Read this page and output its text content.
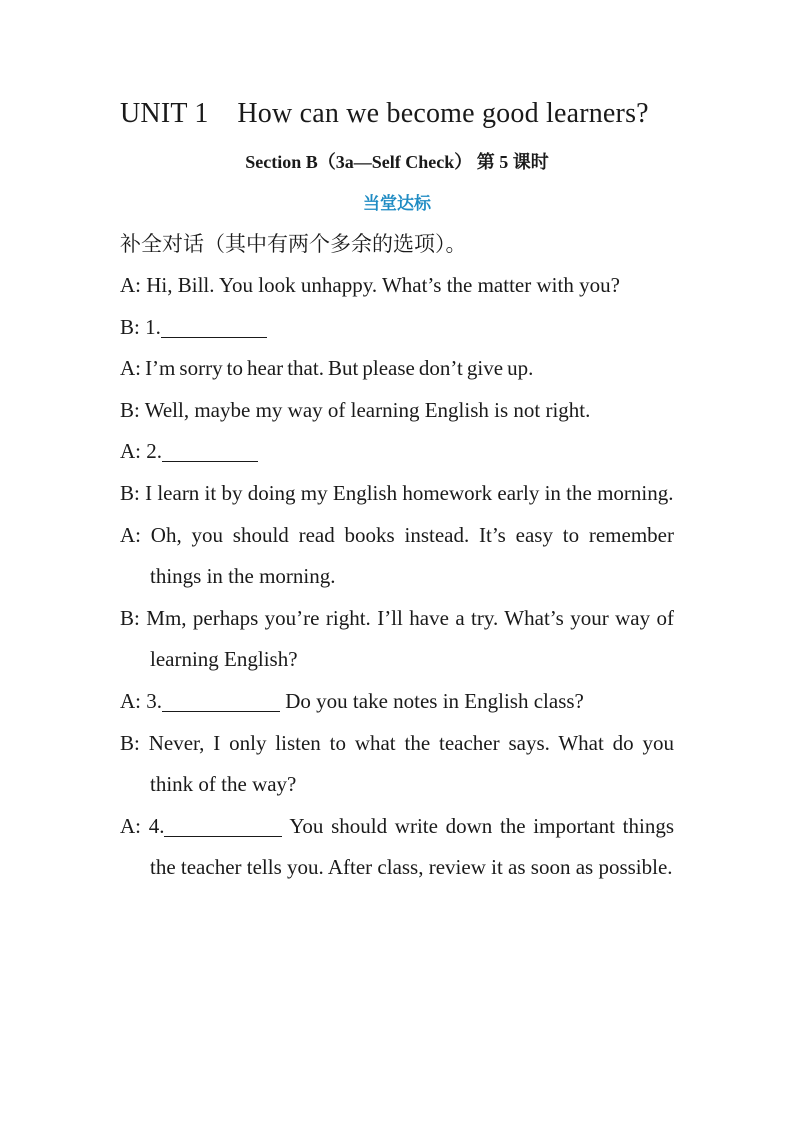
UNIT 1    How can we become good learners?
Section B（3a—Self Check） 第 5 课时
当堂达标
补全对话（其中有两个多余的选项）。
A: Hi, Bill. You look unhappy. What’s the matter with you?
B: 1.
A: I’m sorry to hear that. But please don’t give up.
B: Well, maybe my way of learning English is not right.
A: 2.
B: I learn it by doing my English homework early in the morning.
A: Oh, you should read books instead. It’s easy to remember things in the morning.
B: Mm, perhaps you’re right. I’ll have a try. What’s your way of learning English?
A: 3.	Do you take notes in English class?
B: Never, I only listen to what the teacher says. What do you think of the way?
A: 4.	You should write down the important things the teacher tells you. After class, review it as soon as possible.
